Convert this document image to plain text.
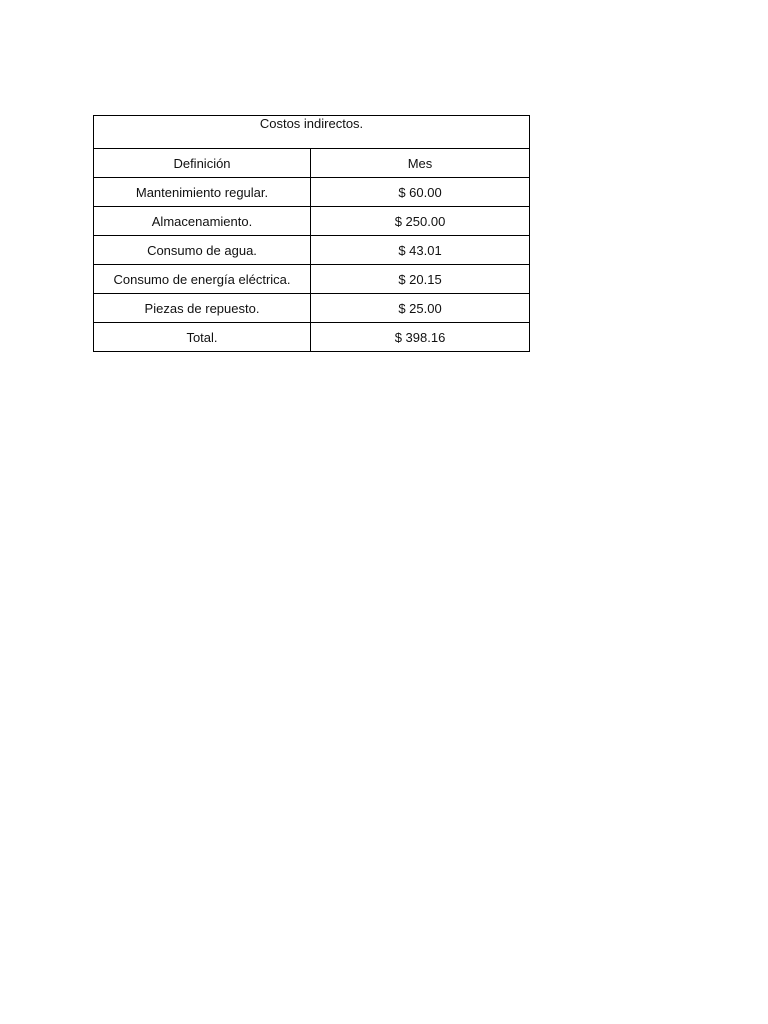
Costos indirectos.	
Definición	Mes
Mantenimiento regular.	$ 60.00
Almacenamiento.	$ 250.00
Consumo de agua.	$ 43.01
Consumo de energía eléctrica.	$ 20.15
Piezas de repuesto.	$ 25.00
Total.	$ 398.16
